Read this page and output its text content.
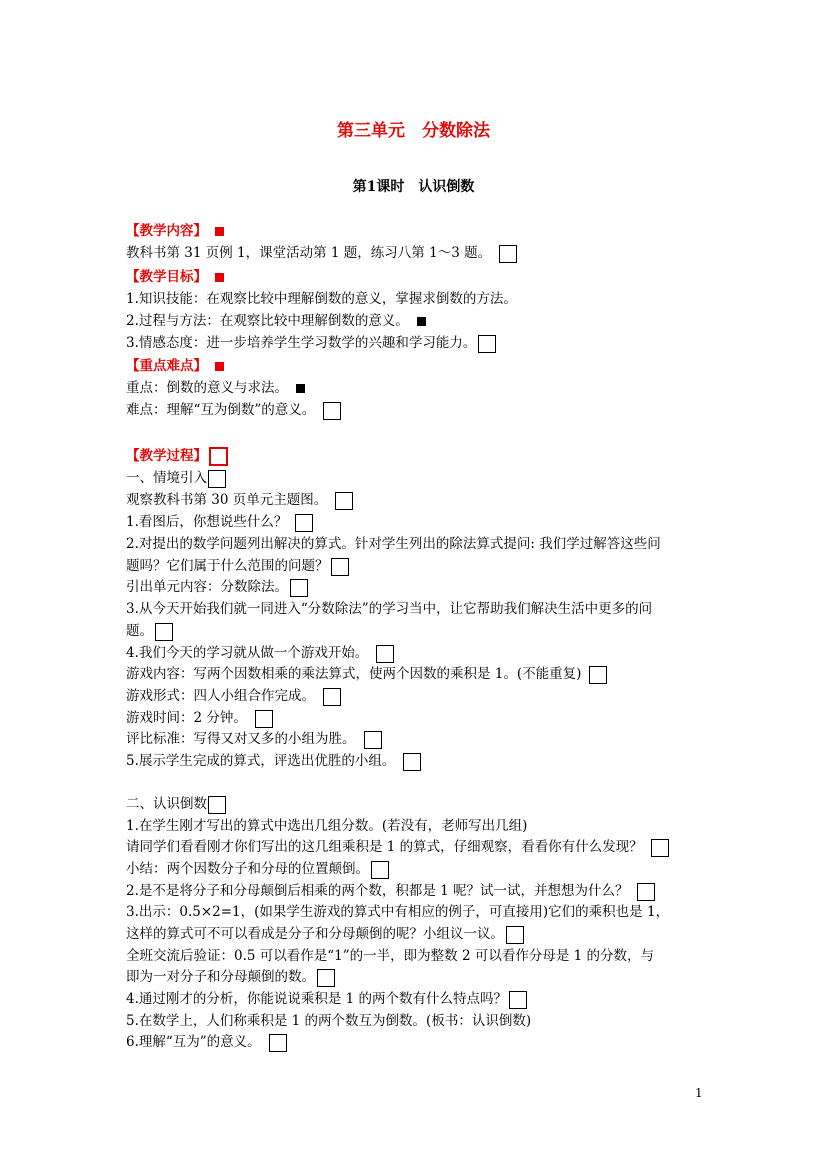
第三单元　分数除法
第1课时　认识倒数
【教学内容】
教科书第 31 页例 1，课堂活动第 1 题，练习八第 1～3 题。
【教学目标】
1.知识技能：在观察比较中理解倒数的意义，掌握求倒数的方法。
2.过程与方法：在观察比较中理解倒数的意义。
3.情感态度：进一步培养学生学习数学的兴趣和学习能力。
【重点难点】
重点：倒数的意义与求法。
难点：理解“互为倒数”的意义。
【教学过程】
一、情境引入
观察教科书第 30 页单元主题图。
1.看图后，你想说些什么？
2.对提出的数学问题列出解决的算式。针对学生列出的除法算式提问: 我们学过解答这些问
题吗？它们属于什么范围的问题？
引出单元内容：分数除法。
3.从今天开始我们就一同进入“分数除法”的学习当中，让它帮助我们解决生活中更多的问
题。
4.我们今天的学习就从做一个游戏开始。
游戏内容：写两个因数相乘的乘法算式，使两个因数的乘积是 1。(不能重复)
游戏形式：四人小组合作完成。
游戏时间：2 分钟。
评比标准：写得又对又多的小组为胜。
5.展示学生完成的算式，评选出优胜的小组。
二、认识倒数
1.在学生刚才写出的算式中选出几组分数。(若没有，老师写出几组)
请同学们看看刚才你们写出的这几组乘积是 1 的算式，仔细观察，看看你有什么发现？
小结：两个因数分子和分母的位置颠倒。
2.是不是将分子和分母颠倒后相乘的两个数，积都是 1 呢？试一试，并想想为什么？
3.出示：0.5×2=1，(如果学生游戏的算式中有相应的例子，可直接用)它们的乘积也是 1，
这样的算式可不可以看成是分子和分母颠倒的呢？小组议一议。
全班交流后验证：0.5 可以看作是“1”的一半，即为整数 2 可以看作分母是 1 的分数，与
即为一对分子和分母颠倒的数。
4.通过刚才的分析，你能说说乘积是 1 的两个数有什么特点吗？
5.在数学上，人们称乘积是 1 的两个数互为倒数。(板书：认识倒数)
6.理解“互为”的意义。
1
